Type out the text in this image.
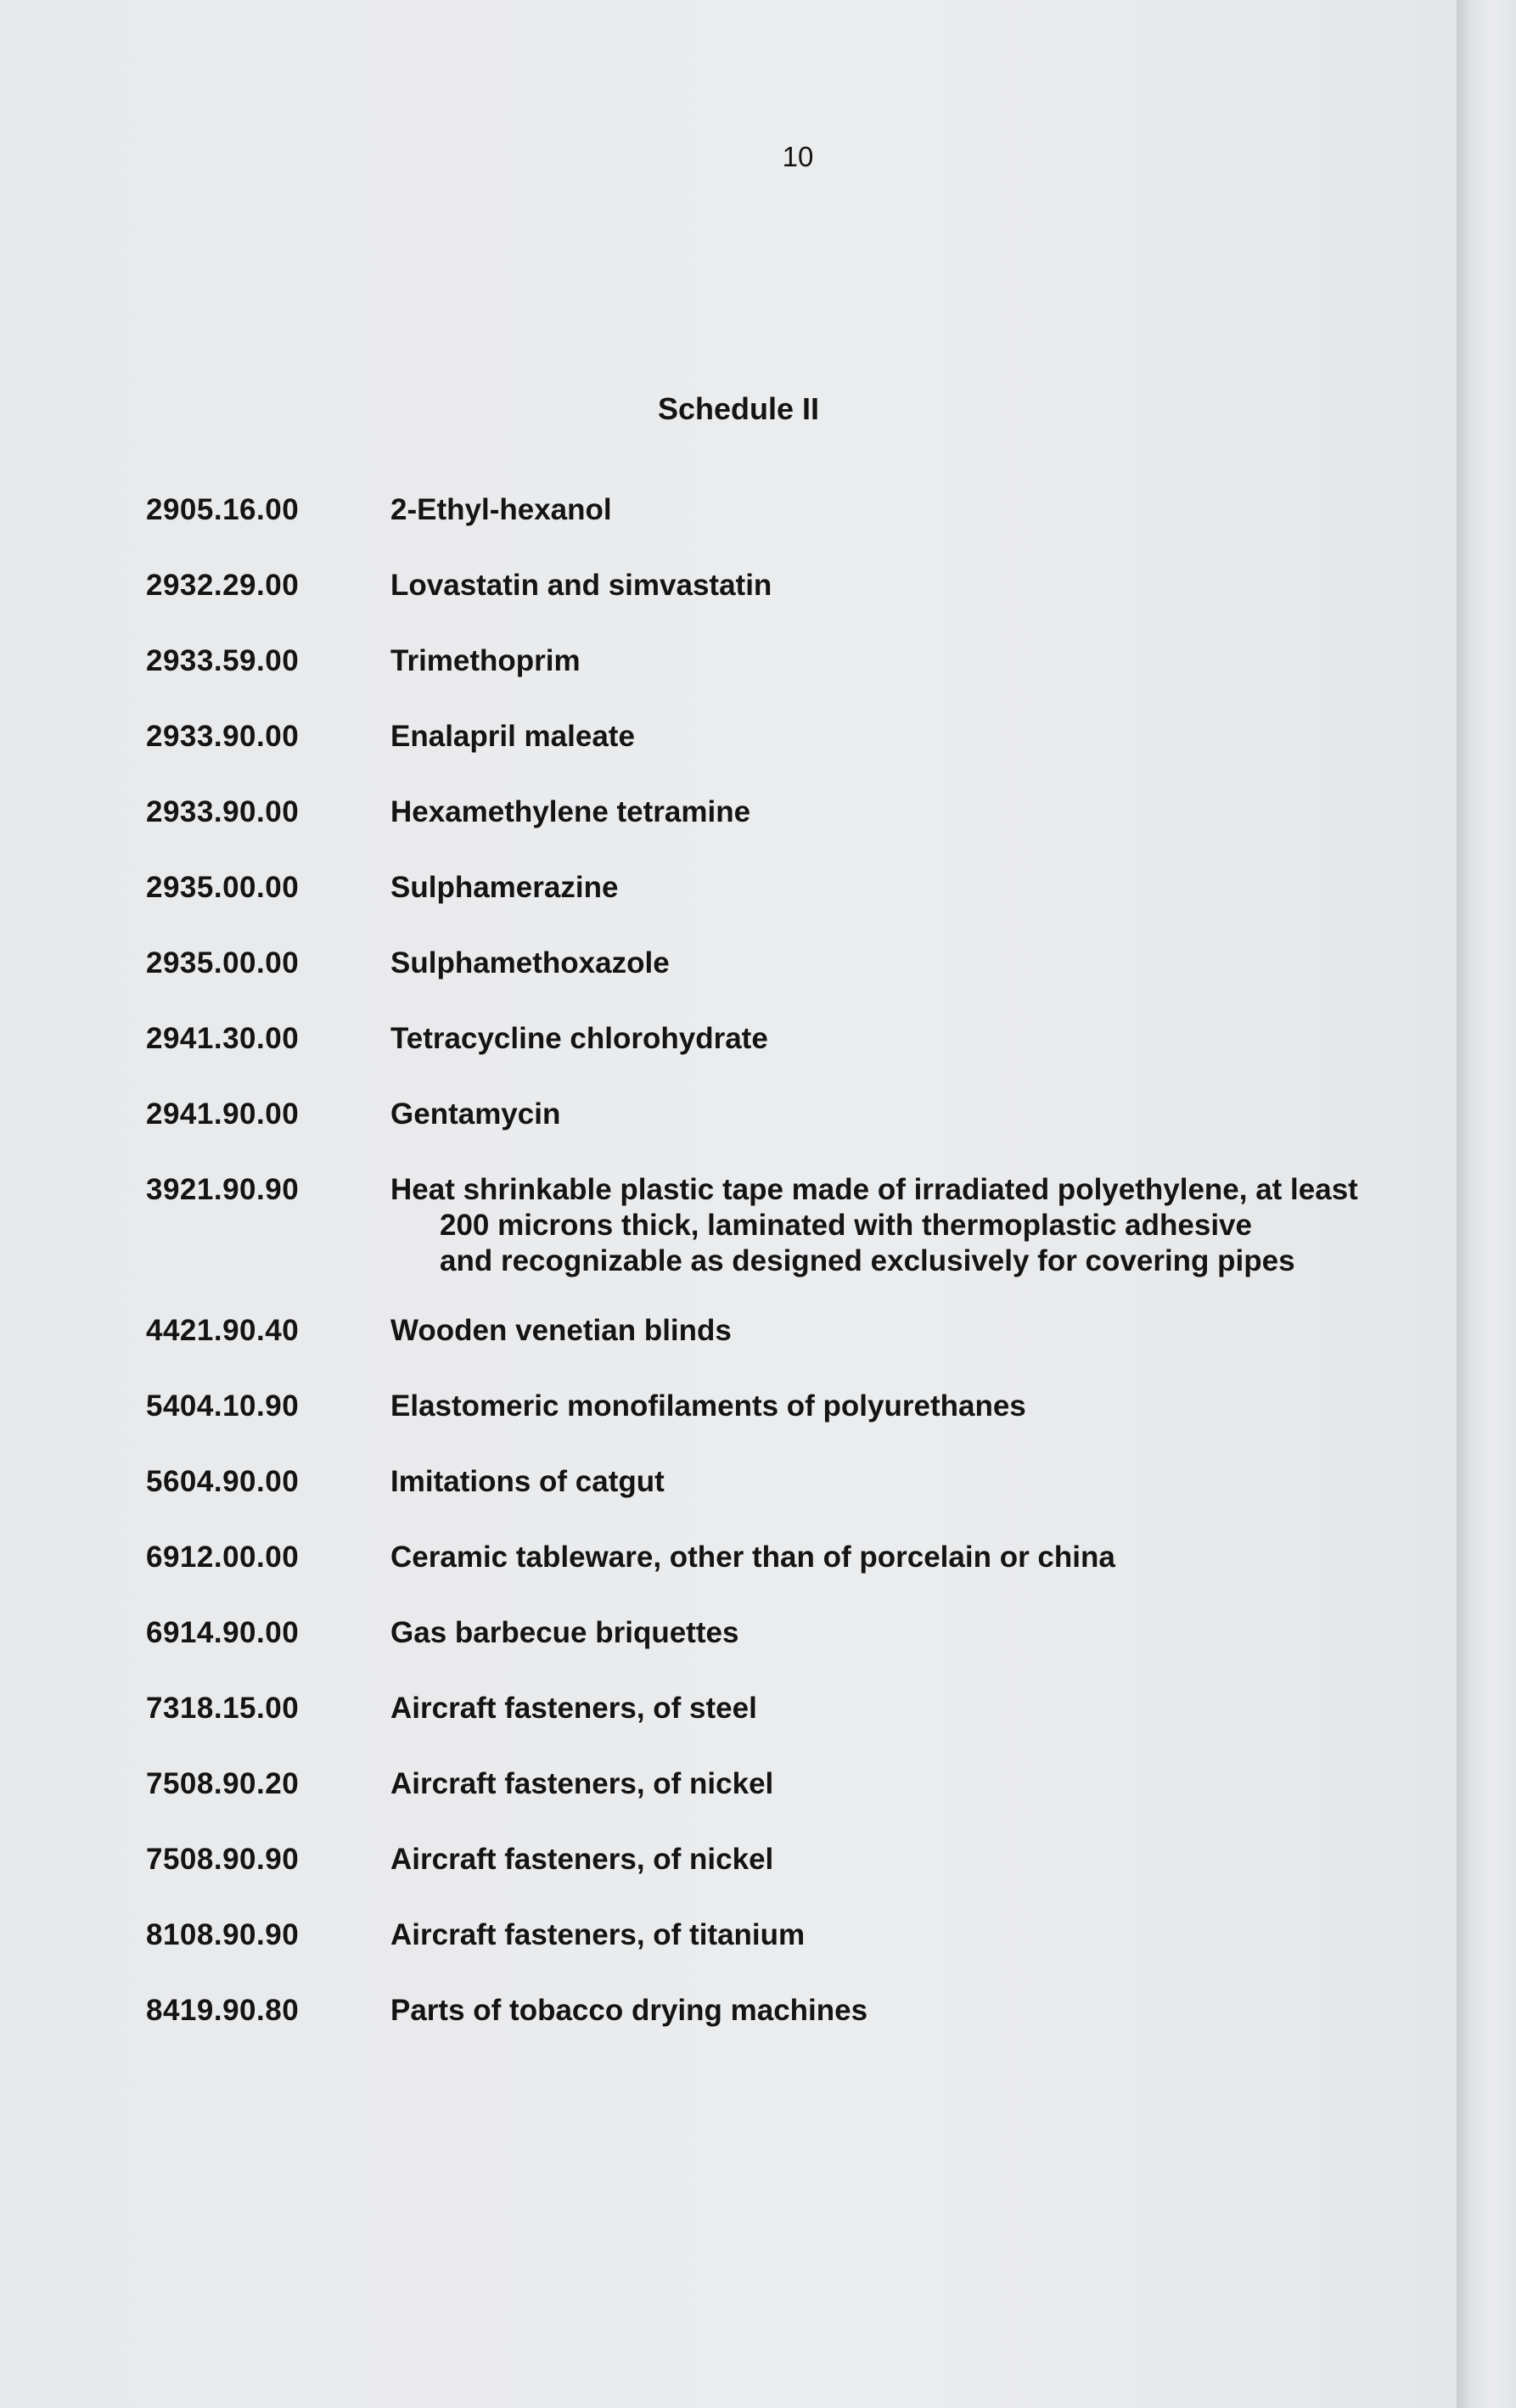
10
Schedule II
2905.16.00	2-Ethyl-hexanol
2932.29.00	Lovastatin and simvastatin
2933.59.00	Trimethoprim
2933.90.00	Enalapril maleate
2933.90.00	Hexamethylene tetramine
2935.00.00	Sulphamerazine
2935.00.00	Sulphamethoxazole
2941.30.00	Tetracycline chlorohydrate
2941.90.00	Gentamycin
3921.90.90	Heat shrinkable plastic tape made of irradiated polyethylene, at least
200 microns thick, laminated with thermoplastic adhesive
and recognizable as designed exclusively for covering pipes
4421.90.40	Wooden venetian blinds
5404.10.90	Elastomeric monofilaments of polyurethanes
5604.90.00	Imitations of catgut
6912.00.00	Ceramic tableware, other than of porcelain or china
6914.90.00	Gas barbecue briquettes
7318.15.00	Aircraft fasteners, of steel
7508.90.20	Aircraft fasteners, of nickel
7508.90.90	Aircraft fasteners, of nickel
8108.90.90	Aircraft fasteners, of titanium
8419.90.80	Parts of tobacco drying machines
